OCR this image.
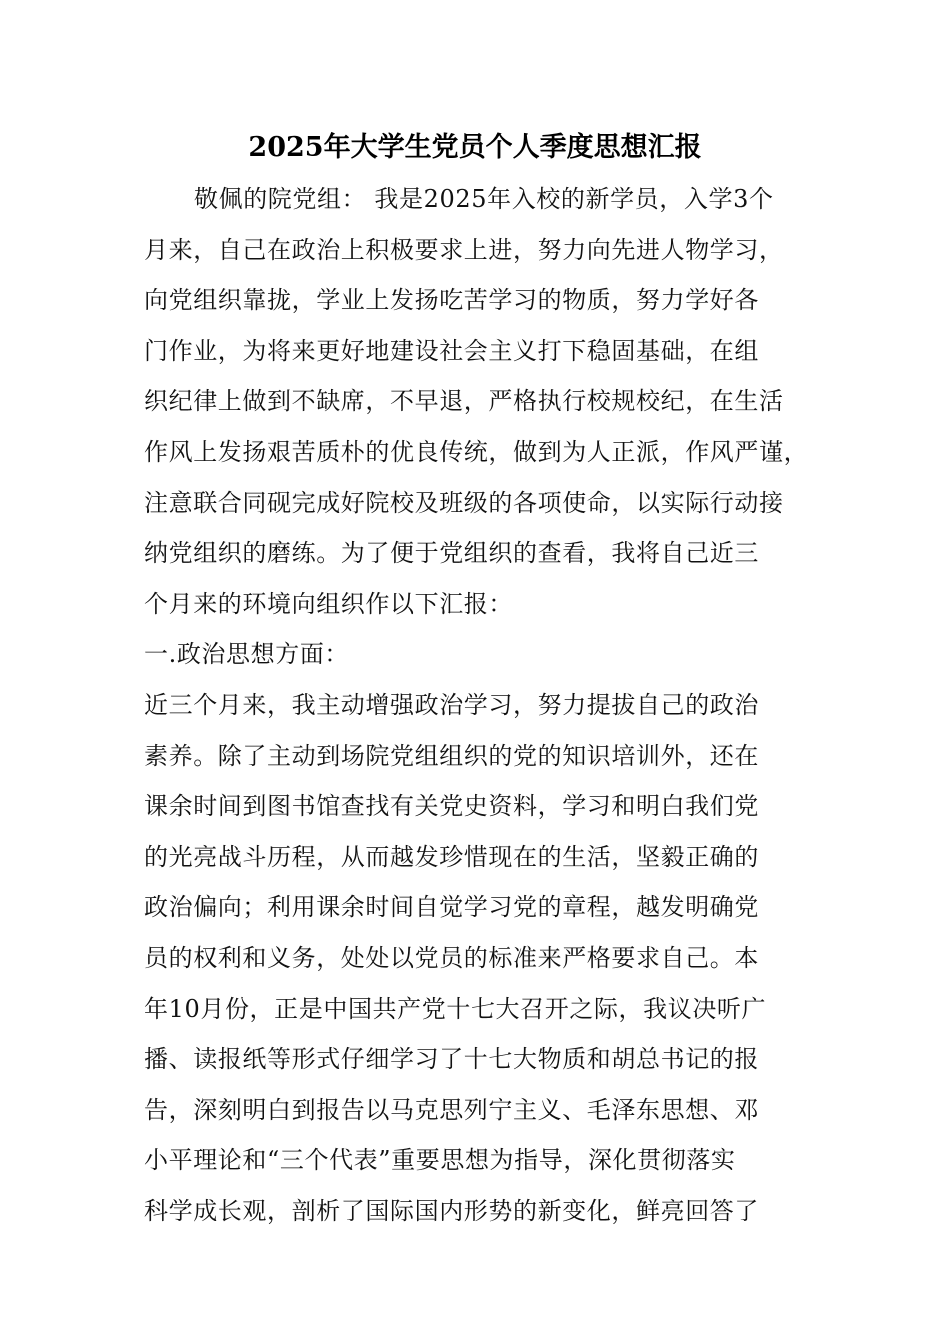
2025年大学生党员个人季度思想汇报
敬佩的院党组： 我是2025年入校的新学员，入学3个
月来，自己在政治上积极要求上进，努力向先进人物学习，
向党组织靠拢，学业上发扬吃苦学习的物质，努力学好各
门作业，为将来更好地建设社会主义打下稳固基础，在组
织纪律上做到不缺席，不早退，严格执行校规校纪，在生活
作风上发扬艰苦质朴的优良传统，做到为人正派，作风严谨，
注意联合同砚完成好院校及班级的各项使命，以实际行动接
纳党组织的磨练。为了便于党组织的查看，我将自己近三
个月来的环境向组织作以下汇报：
一.政治思想方面：
近三个月来，我主动增强政治学习，努力提拔自己的政治
素养。除了主动到场院党组组织的党的知识培训外，还在
课余时间到图书馆查找有关党史资料，学习和明白我们党
的光亮战斗历程，从而越发珍惜现在的生活，坚毅正确的
政治偏向；利用课余时间自觉学习党的章程，越发明确党
员的权利和义务，处处以党员的标准来严格要求自己。本
年10月份，正是中国共产党十七大召开之际，我议决听广
播、读报纸等形式仔细学习了十七大物质和胡总书记的报
告，深刻明白到报告以马克思列宁主义、毛泽东思想、邓
小平理论和“三个代表”重要思想为指导，深化贯彻落实
科学成长观，剖析了国际国内形势的新变化，鲜亮回答了
